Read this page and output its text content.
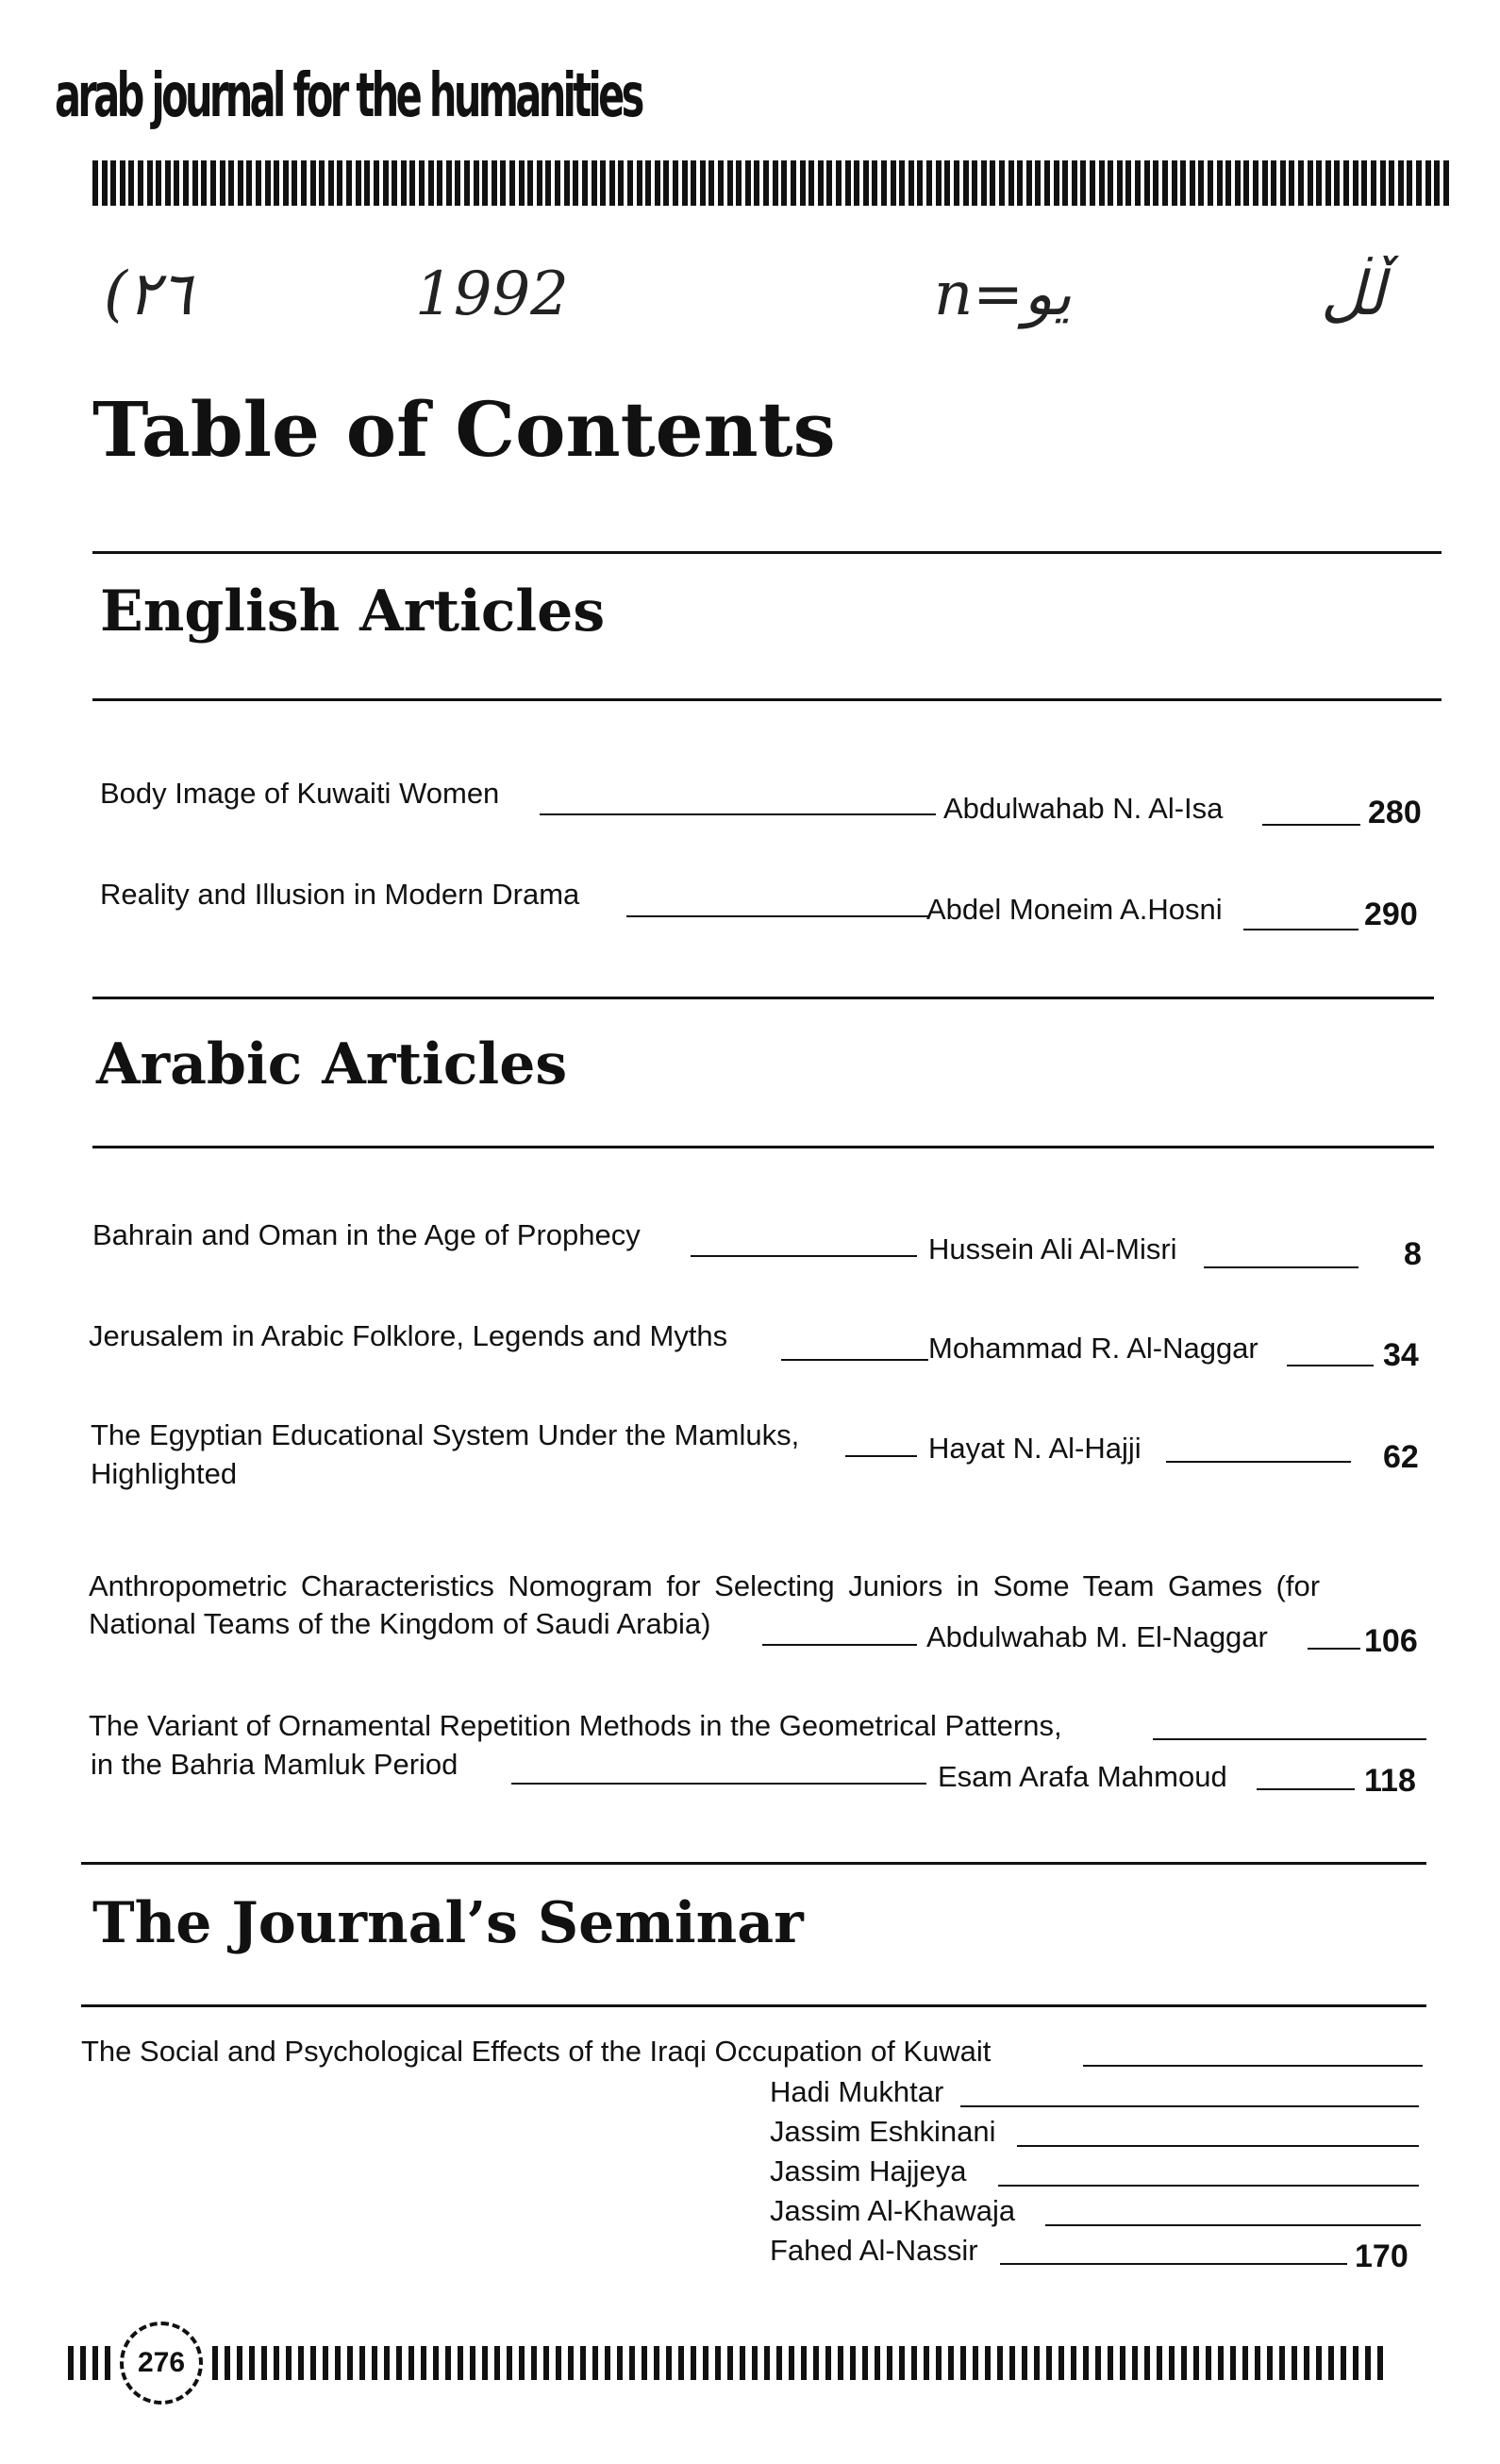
arab journal for the humanities
(٢٦	1992	n=یو	ڵڶ
Table of Contents
English Articles
Body Image of Kuwaiti Women	Abdulwahab N. Al-Isa	280
Reality and Illusion in Modern Drama	Abdel Moneim A.Hosni	290
Arabic Articles
Bahrain and Oman in the Age of Prophecy	Hussein Ali Al-Misri	8
Jerusalem in Arabic Folklore, Legends and Myths	Mohammad R. Al-Naggar	34
The Egyptian Educational System Under the Mamluks,
Highlighted
Hayat N. Al-Hajji	62
Anthropometric Characteristics Nomogram for Selecting Juniors in Some Team Games (for
National Teams of the Kingdom of Saudi Arabia)	Abdulwahab M. El-Naggar	106
The Variant of Ornamental Repetition Methods in the Geometrical Patterns,
in the Bahria Mamluk Period	Esam Arafa Mahmoud	118
The Journal’s Seminar
The Social and Psychological Effects of the Iraqi Occupation of Kuwait
Hadi Mukhtar
Jassim Eshkinani
Jassim Hajjeya
Jassim Al-Khawaja
Fahed Al-Nassir	170
276
